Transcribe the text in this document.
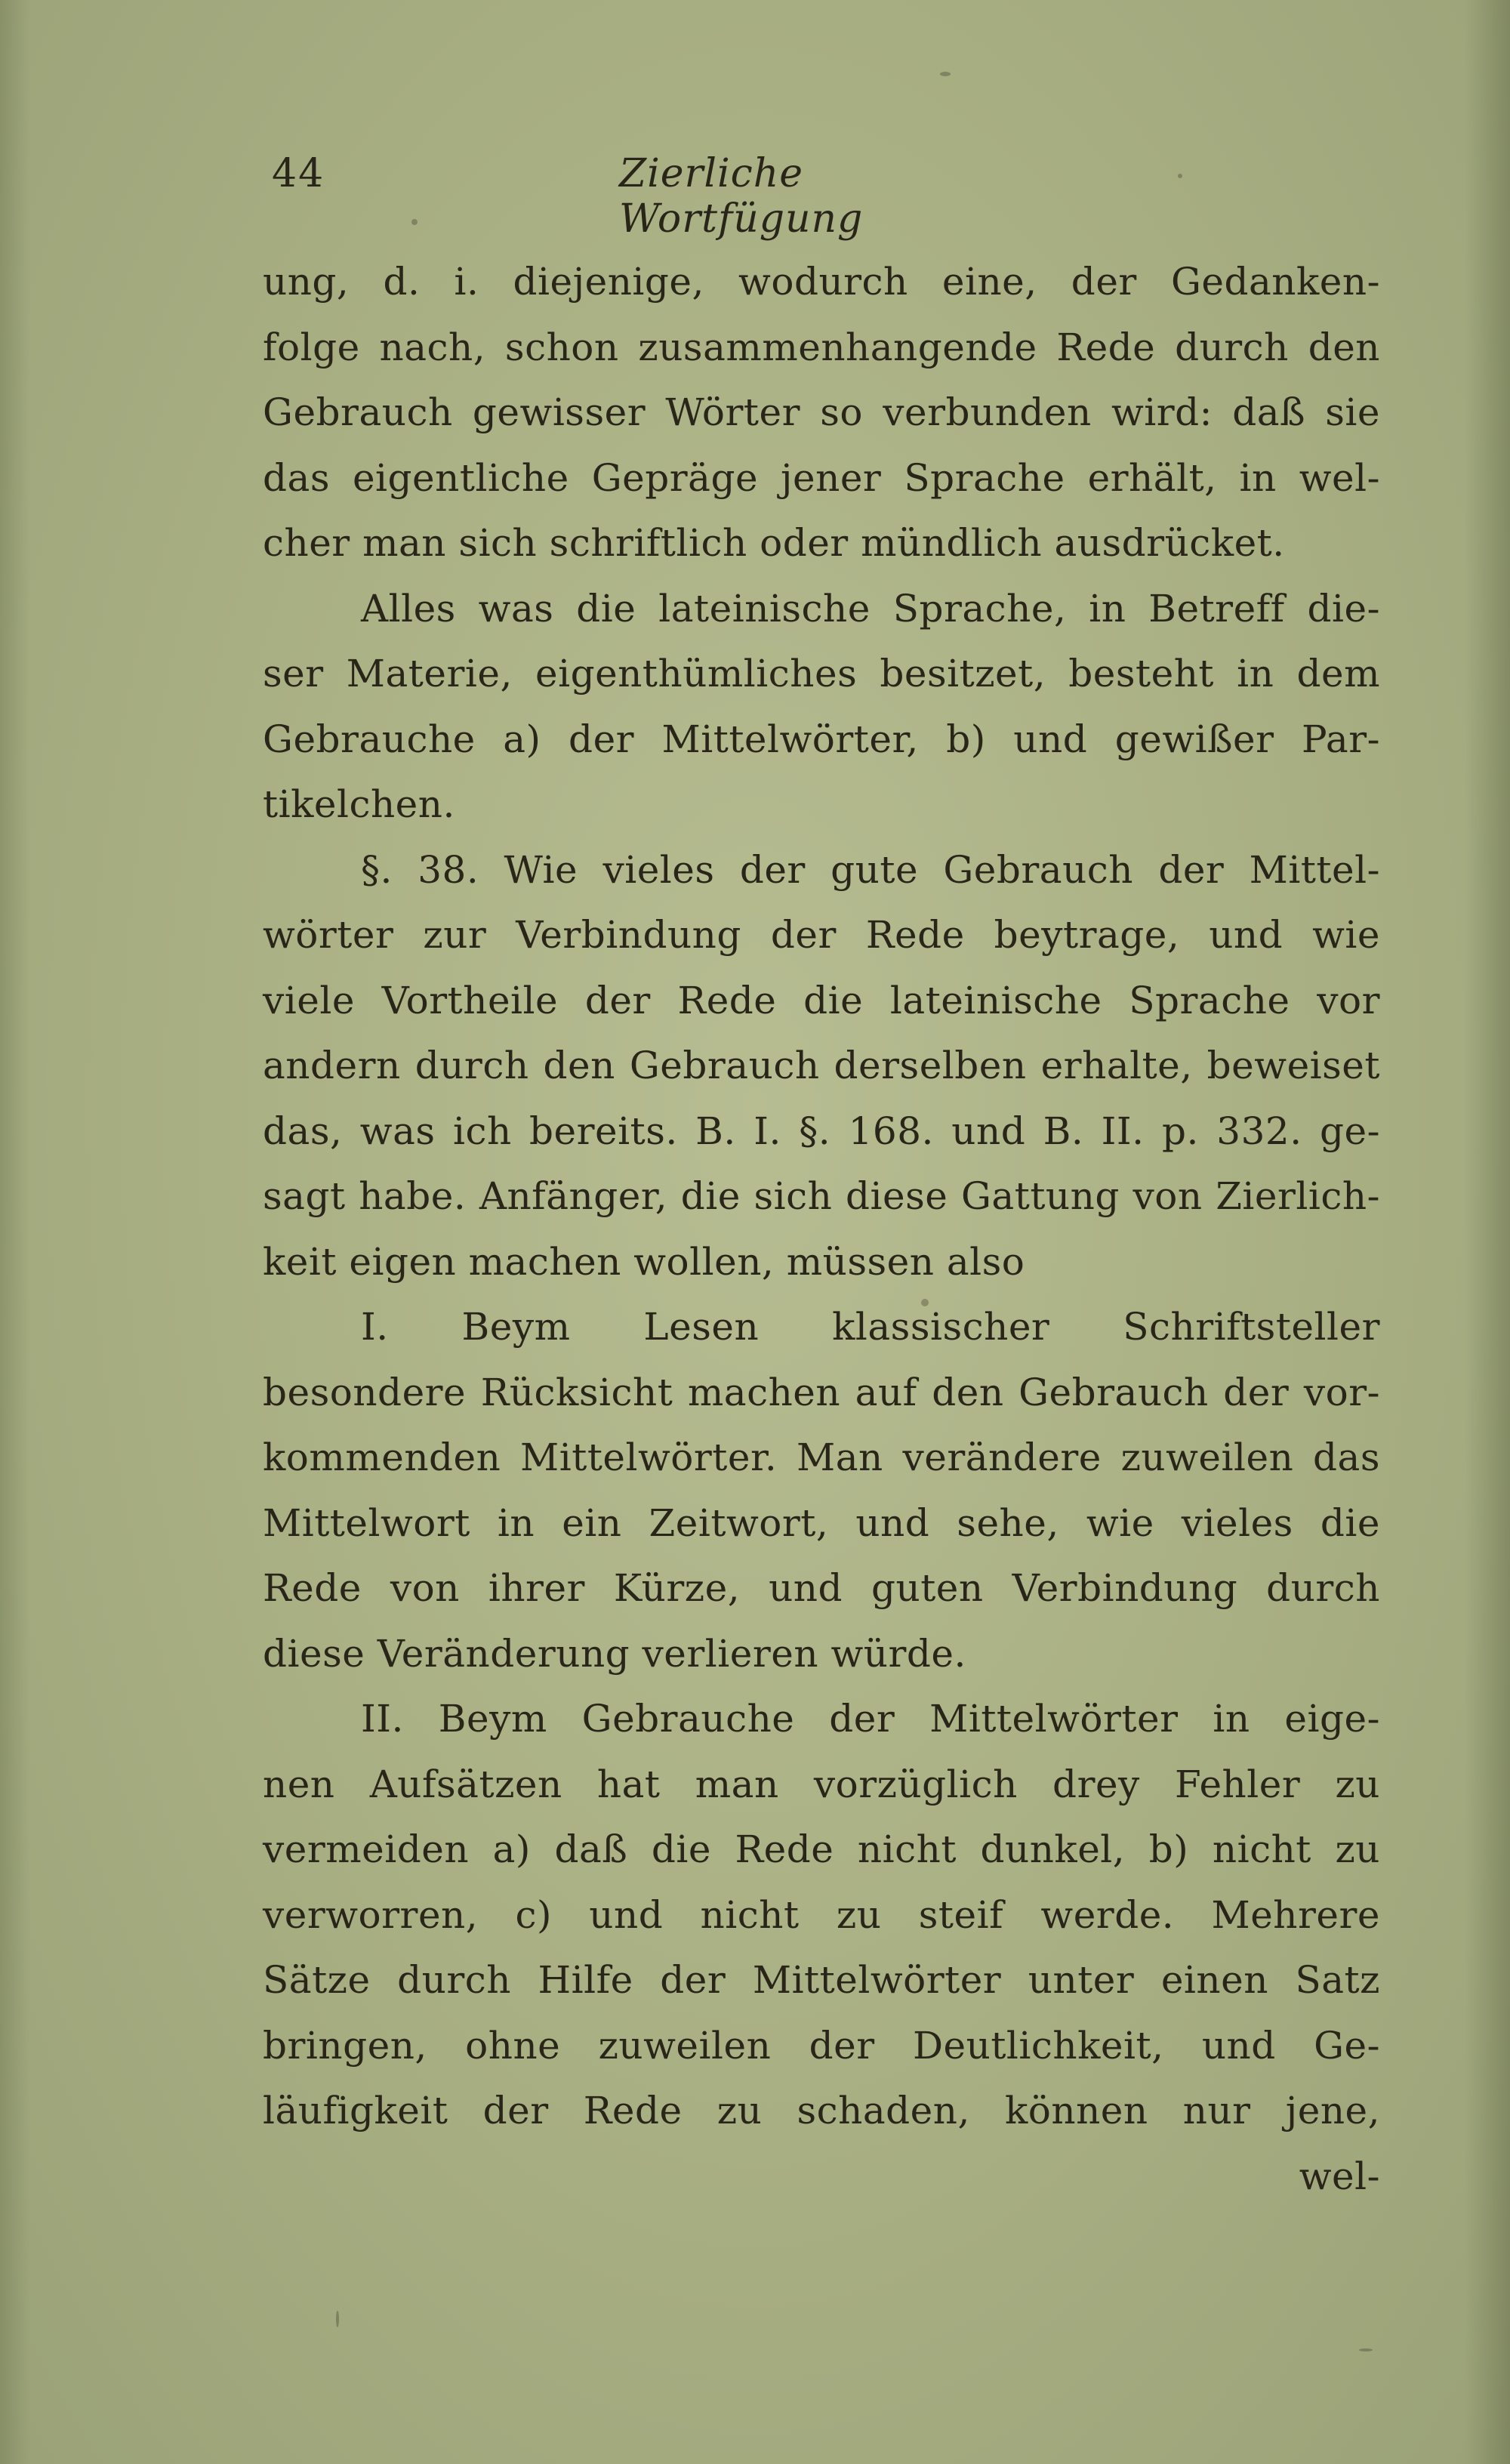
44	Zierliche Wortfügung
ung, d. i. diejenige, wodurch eine, der Gedanken-
folge nach, schon zusammenhangende Rede durch den
Gebrauch gewisser Wörter so verbunden wird: daß sie
das eigentliche Gepräge jener Sprache erhält, in wel-
cher man sich schriftlich oder mündlich ausdrücket.
Alles was die lateinische Sprache, in Betreff die-
ser Materie, eigenthümliches besitzet, besteht in dem
Gebrauche a) der Mittelwörter, b) und gewißer Par-
tikelchen.
§. 38. Wie vieles der gute Gebrauch der Mittel-
wörter zur Verbindung der Rede beytrage, und wie
viele Vortheile der Rede die lateinische Sprache vor
andern durch den Gebrauch derselben erhalte, beweiset
das, was ich bereits. B. I. §. 168. und B. II. p. 332. ge-
sagt habe. Anfänger, die sich diese Gattung von Zierlich-
keit eigen machen wollen, müssen also
I. Beym Lesen klassischer Schriftsteller
besondere Rücksicht machen auf den Gebrauch der vor-
kommenden Mittelwörter. Man verändere zuweilen das
Mittelwort in ein Zeitwort, und sehe, wie vieles die
Rede von ihrer Kürze, und guten Verbindung durch
diese Veränderung verlieren würde.
II. Beym Gebrauche der Mittelwörter in eige-
nen Aufsätzen hat man vorzüglich drey Fehler zu
vermeiden a) daß die Rede nicht dunkel, b) nicht zu
verworren, c) und nicht zu steif werde. Mehrere
Sätze durch Hilfe der Mittelwörter unter einen Satz
bringen, ohne zuweilen der Deutlichkeit, und Ge-
läufigkeit der Rede zu schaden, können nur jene,
wel-
